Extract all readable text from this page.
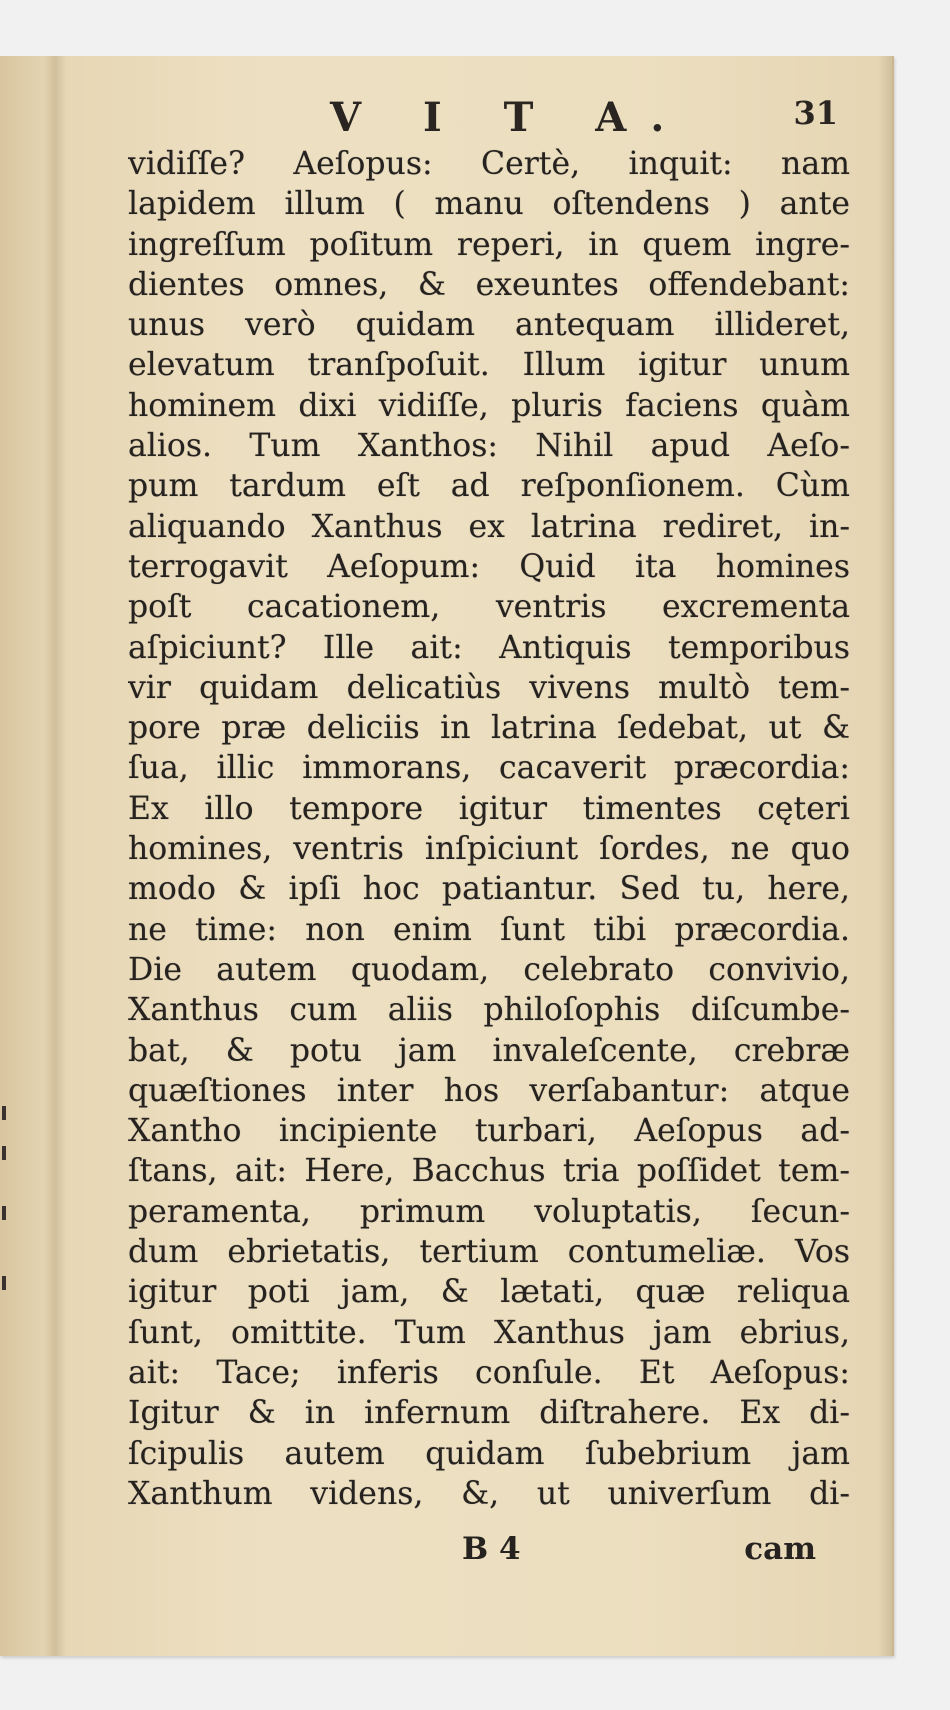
V I T A.	31
vidiſſe? Aeſopus: Certè, inquit: nam
lapidem illum ( manu oſtendens ) ante
ingreſſum poſitum reperi, in quem ingre-
dientes omnes, & exeuntes offendebant:
unus verò quidam antequam illideret,
elevatum tranſpoſuit. Illum igitur unum
hominem dixi vidiſſe, pluris faciens quàm
alios. Tum Xanthos: Nihil apud Aeſo-
pum tardum eſt ad reſponſionem. Cùm
aliquando Xanthus ex latrina rediret, in-
terrogavit Aeſopum: Quid ita homines
poſt cacationem, ventris excrementa
aſpiciunt? Ille ait: Antiquis temporibus
vir quidam delicatiùs vivens multò tem-
pore præ deliciis in latrina ſedebat, ut &
ſua, illic immorans, cacaverit præcordia:
Ex illo tempore igitur timentes cęteri
homines, ventris inſpiciunt ſordes, ne quo
modo & ipſi hoc patiantur. Sed tu, here,
ne time: non enim ſunt tibi præcordia.
Die autem quodam, celebrato convivio,
Xanthus cum aliis philoſophis diſcumbe-
bat, & potu jam invaleſcente, crebræ
quæſtiones inter hos verſabantur: atque
Xantho incipiente turbari, Aeſopus ad-
ſtans, ait: Here, Bacchus tria poſſidet tem-
peramenta, primum voluptatis, ſecun-
dum ebrietatis, tertium contumeliæ. Vos
igitur poti jam, & lætati, quæ reliqua
ſunt, omittite. Tum Xanthus jam ebrius,
ait: Tace; inferis conſule. Et Aeſopus:
Igitur & in infernum diſtrahere. Ex di-
ſcipulis autem quidam ſubebrium jam
Xanthum videns, &, ut univerſum di-
B 4	cam
